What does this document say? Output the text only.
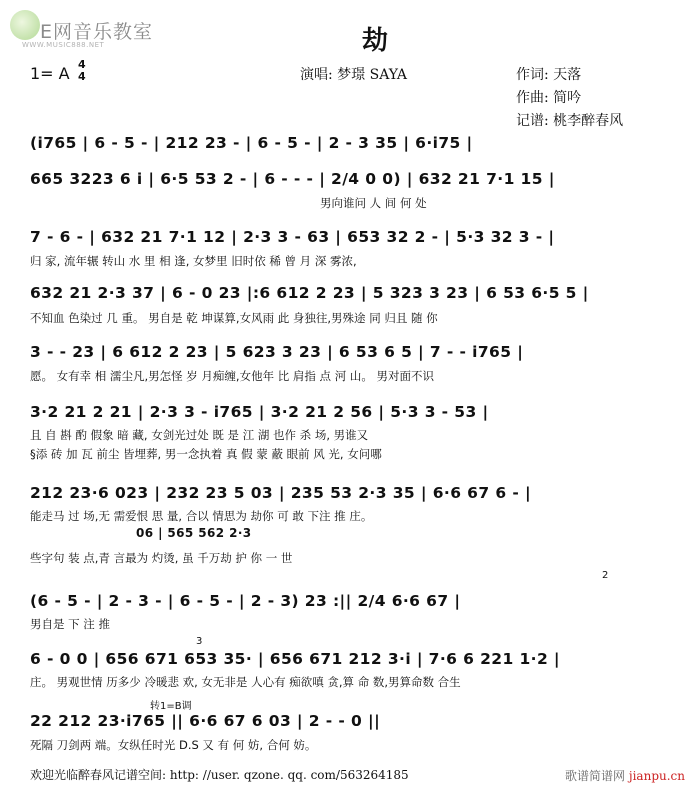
E网音乐教室
WWW.MUSIC888.NET	劫
1= A 4
4	演唱: 梦璟 SAYA	作词: 天落
作曲: 简吟
记谱: 桃李醉春风
(i765 | 6 - 5 - | 212 23 - | 6 - 5 - | 2 - 3 35 | 6·i75 |
665 3223 6 i | 6·5 53 2 - | 6 - - - | 2/4 0 0) | 632 21 7·1 15 |
男向谁问 人 间 何 处
7 - 6 - | 632 21 7·1 12 | 2·3 3 - 63 | 653 32 2 - | 5·3 32 3 - |
归 家, 流年辗 转山 水 里 相 逢, 女梦里 旧时依 稀 曾 月 深 雾浓,
632 21 2·3 37 | 6 - 0 23 |:6 612 2 23 | 5 323 3 23 | 6 53 6·5 5 |
不知血 色染过 几 重。 男自是 乾 坤谋算,女风雨 此 身独往,男殊途 同 归且 随 你
3 - - 23 | 6 612 2 23 | 5 623 3 23 | 6 53 6 5 | 7 - - i765 |
愿。 女有幸 相 濡尘凡,男怎怪 岁 月痴缠,女他年 比 肩指 点 河 山。 男对面不识
3·2 21 2 21 | 2·3 3 - i765 | 3·2 21 2 56 | 5·3 3 - 53 |
且 自 斟 酌 假象 暗 藏, 女剑光过处 既 是 江 湖 也作 杀 场, 男谁又
§添 砖 加 瓦 前尘 皆埋葬, 男一念执着 真 假 蒙 蔽 眼前 风 光, 女问哪
212 23·6 023 | 232 23 5 03 | 235 53 2·3 35 | 6·6 67 6 - |
能走马 过 场,无 需爱恨 思 量, 合以 情思为 劫你 可 敢 下注 推 庄。
06 | 565 562 2·3
些字句 装 点,青 言最为 灼烫, 虽 千万劫 护 你 一 世
2
(6 - 5 - | 2 - 3 - | 6 - 5 - | 2 - 3) 23 :|| 2/4 6·6 67 |
男自是 下 注 推
3
6 - 0 0 | 656 671 653 35· | 656 671 212 3·i | 7·6 6 221 1·2 |
庄。 男观世情 历多少 冷暖悲 欢, 女无非是 人心有 痴欲嗔 贪,算 命 数,男算命数 合生
转1=B调
22 212 23·i765 || 6·6 67 6 03 | 2 - - 0 ||
死隔 刀剑两 端。女纵任时光 D.S 又 有 何 妨, 合何 妨。
欢迎光临醉春风记谱空间: http: //user. qzone. qq. com/563264185	歌谱简谱网 jianpu.cn
